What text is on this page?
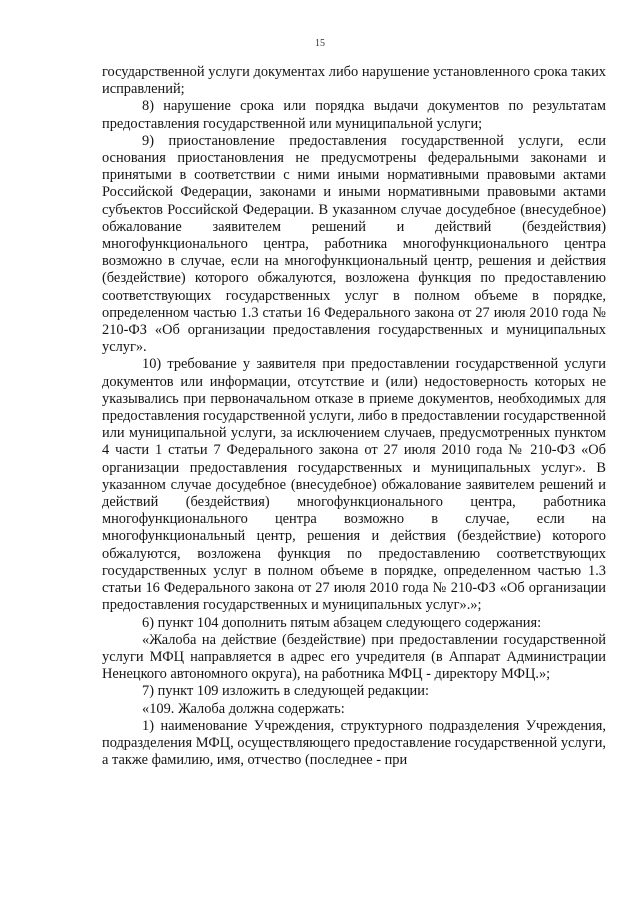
15

государственной услуги документах либо нарушение установленного срока таких исправлений;

8) нарушение срока или порядка выдачи документов по результатам предоставления государственной или муниципальной услуги;

9) приостановление предоставления государственной услуги, если основания приостановления не предусмотрены федеральными законами и принятыми в соответствии с ними иными нормативными правовыми актами Российской Федерации, законами и иными нормативными правовыми актами субъектов Российской Федерации. В указанном случае досудебное (внесудебное) обжалование заявителем решений и действий (бездействия) многофункционального центра, работника многофункционального центра возможно в случае, если на многофункциональный центр, решения и действия (бездействие) которого обжалуются, возложена функция по предоставлению соответствующих государственных услуг в полном объеме в порядке, определенном частью 1.3 статьи 16 Федерального закона от 27 июля 2010 года № 210-ФЗ «Об организации предоставления государственных и муниципальных услуг».

10) требование у заявителя при предоставлении государственной услуги документов или информации, отсутствие и (или) недостоверность которых не указывались при первоначальном отказе в приеме документов, необходимых для предоставления государственной услуги, либо в предоставлении государственной или муниципальной услуги, за исключением случаев, предусмотренных пунктом 4 части 1 статьи 7 Федерального закона от 27 июля 2010 года № 210-ФЗ «Об организации предоставления государственных и муниципальных услуг». В указанном случае досудебное (внесудебное) обжалование заявителем решений и действий (бездействия) многофункционального центра, работника многофункционального центра возможно в случае, если на многофункциональный центр, решения и действия (бездействие) которого обжалуются, возложена функция по предоставлению соответствующих государственных услуг в полном объеме в порядке, определенном частью 1.3 статьи 16 Федерального закона от 27 июля 2010 года № 210-ФЗ «Об организации предоставления государственных и муниципальных услуг».»;

6) пункт 104 дополнить пятым абзацем следующего содержания:

«Жалоба на действие (бездействие) при предоставлении государственной услуги МФЦ направляется в адрес его учредителя (в Аппарат Администрации Ненецкого автономного округа), на работника МФЦ - директору МФЦ.»;

7) пункт 109 изложить в следующей редакции:

«109. Жалоба должна содержать:

1) наименование Учреждения, структурного подразделения Учреждения, подразделения МФЦ, осуществляющего предоставление государственной услуги, а также фамилию, имя, отчество (последнее - при
